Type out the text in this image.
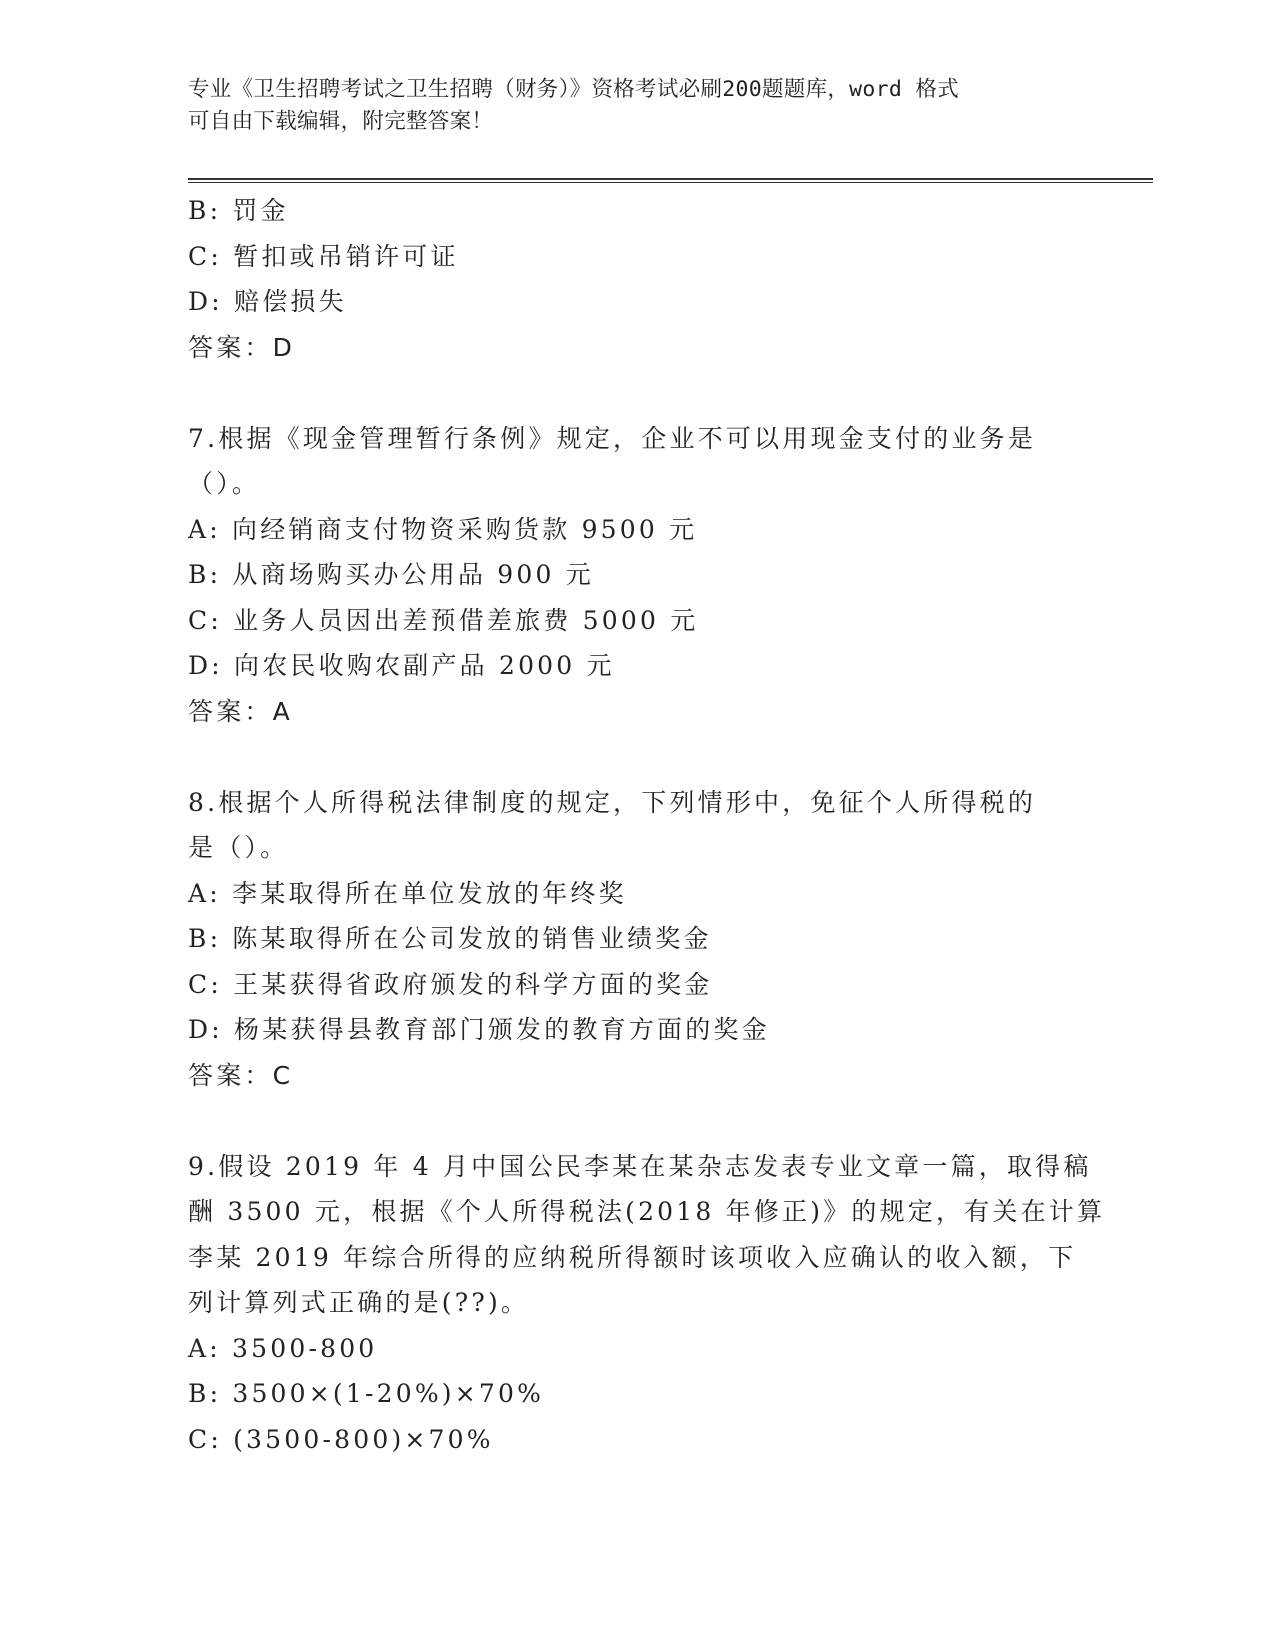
专业《卫生招聘考试之卫生招聘（财务）》资格考试必刷200题题库，word 格式
可自由下载编辑，附完整答案！
B: 罚金
C: 暂扣或吊销许可证
D: 赔偿损失
答案：D
7.根据《现金管理暂行条例》规定，企业不可以用现金支付的业务是
（）。
A: 向经销商支付物资采购货款 9500 元
B: 从商场购买办公用品 900 元
C: 业务人员因出差预借差旅费 5000 元
D: 向农民收购农副产品 2000 元
答案：A
8.根据个人所得税法律制度的规定，下列情形中，免征个人所得税的
是（）。
A: 李某取得所在单位发放的年终奖
B: 陈某取得所在公司发放的销售业绩奖金
C: 王某获得省政府颁发的科学方面的奖金
D: 杨某获得县教育部门颁发的教育方面的奖金
答案：C
9.假设 2019 年 4 月中国公民李某在某杂志发表专业文章一篇，取得稿
酬 3500 元，根据《个人所得税法(2018 年修正)》的规定，有关在计算
李某 2019 年综合所得的应纳税所得额时该项收入应确认的收入额，下
列计算列式正确的是(??)。
A: 3500-800
B: 3500×(1-20%)×70%
C: (3500-800)×70%
